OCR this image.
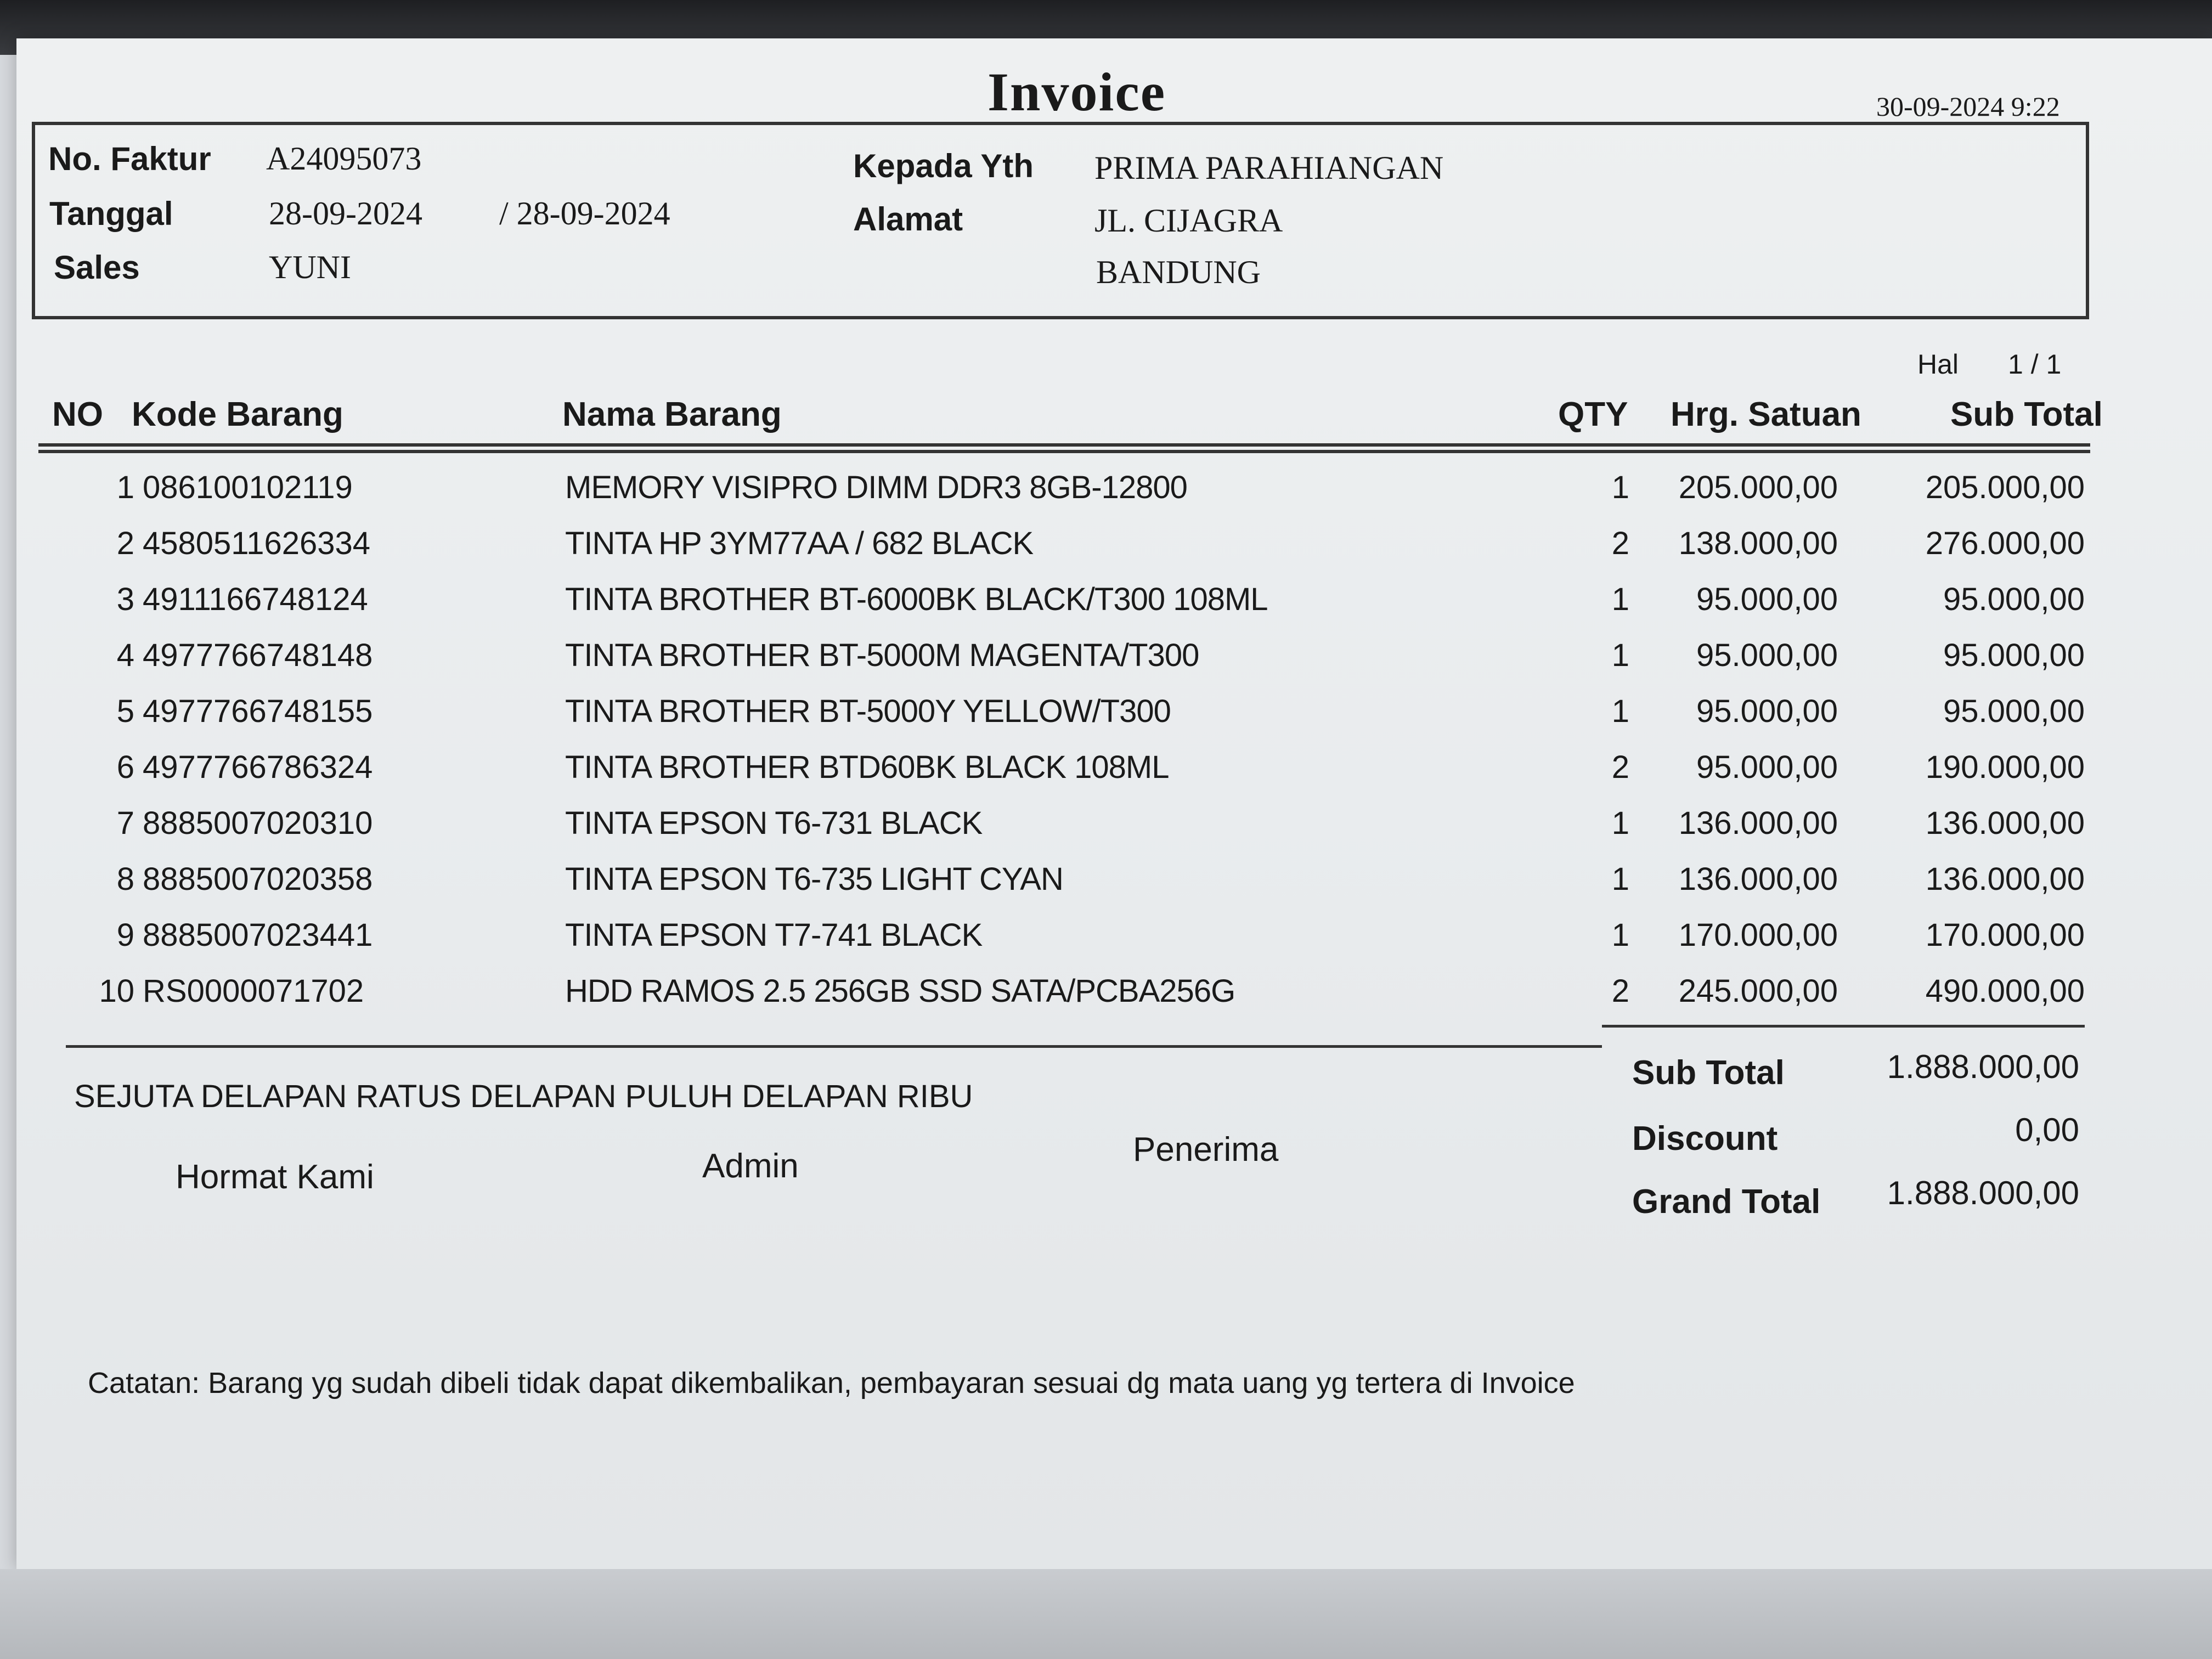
Invoice	30-09-2024 9:22
No. Faktur A24095073
Tanggal	28-09-2024 / 28-09-2024
Sales	YUNI
Kepada Yth PRIMA PARAHIANGAN
Alamat	JL. CIJAGRA
BANDUNG
Hal 1 / 1
NO Kode Barang	Nama Barang	QTY Hrg. Satuan	Sub Total
1 086100102119	MEMORY VISIPRO DIMM DDR3 8GB-12800	1	205.000,00	205.000,00
2 4580511626334	TINTA HP 3YM77AA / 682 BLACK	2	138.000,00	276.000,00
3 4911166748124	TINTA BROTHER BT-6000BK BLACK/T300 108ML	1	95.000,00	95.000,00
4 4977766748148	TINTA BROTHER BT-5000M MAGENTA/T300	1	95.000,00	95.000,00
5 4977766748155	TINTA BROTHER BT-5000Y YELLOW/T300	1	95.000,00	95.000,00
6 4977766786324	TINTA BROTHER BTD60BK BLACK 108ML	2	95.000,00	190.000,00
7 8885007020310	TINTA EPSON T6-731 BLACK	1	136.000,00	136.000,00
8 8885007020358	TINTA EPSON T6-735 LIGHT CYAN	1	136.000,00	136.000,00
9 8885007023441	TINTA EPSON T7-741 BLACK	1	170.000,00	170.000,00
10 RS0000071702	HDD RAMOS 2.5 256GB SSD SATA/PCBA256G	2	245.000,00	490.000,00
SEJUTA DELAPAN RATUS DELAPAN PULUH DELAPAN RIBU
Hormat Kami	Admin	Penerima
Sub Total	1.888.000,00
Discount	0,00
Grand Total	1.888.000,00
Catatan: Barang yg sudah dibeli tidak dapat dikembalikan, pembayaran sesuai dg mata uang yg tertera di Invoice
